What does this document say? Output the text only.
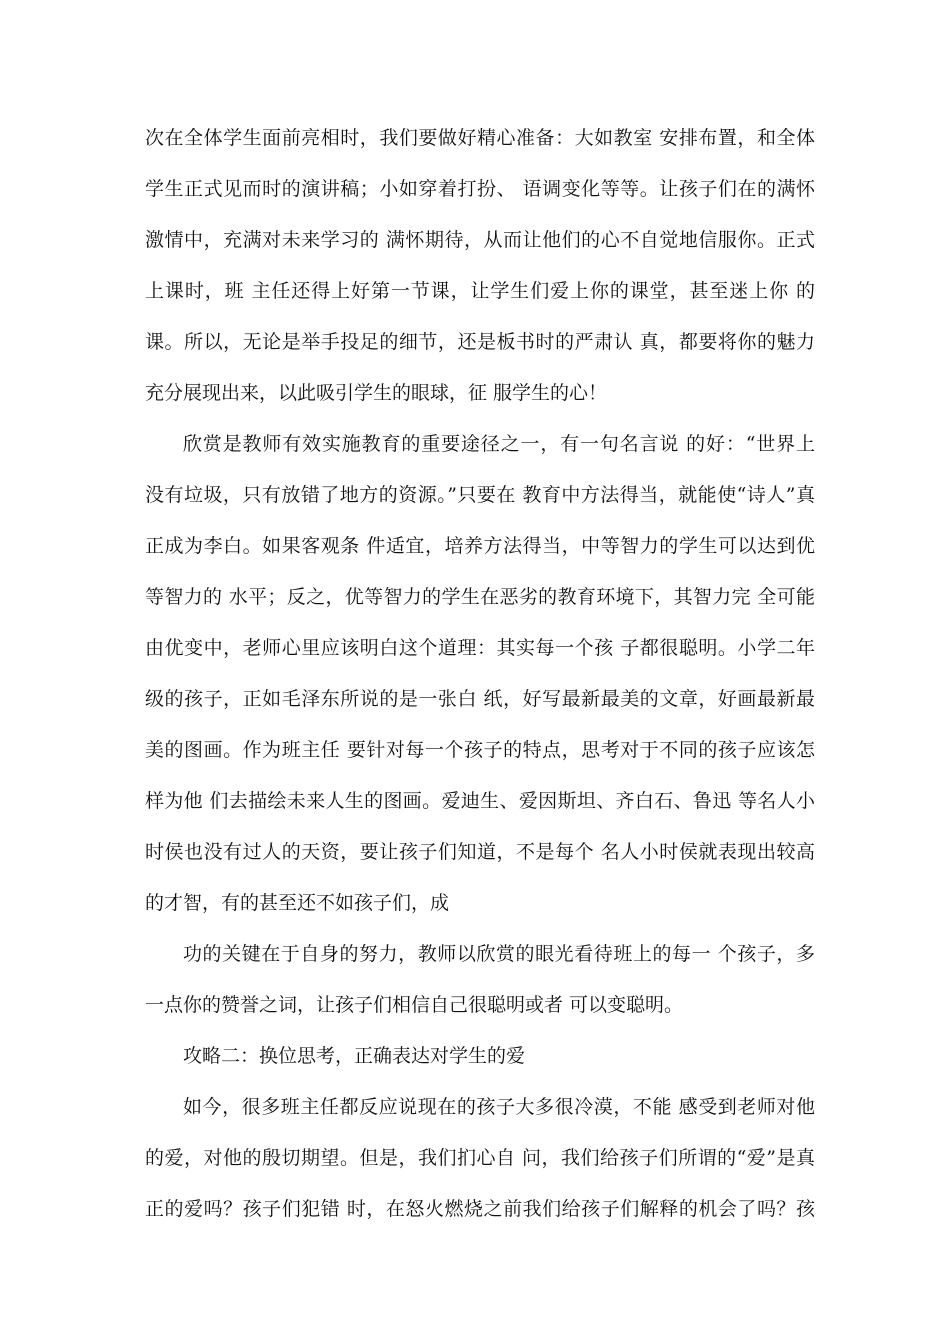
次在全体学生面前亮相时，我们要做好精心准备：大如教室 安排布置，和全体
学生正式见而时的演讲稿；小如穿着打扮、 语调变化等等。让孩子们在的满怀
激情中，充满对未来学习的 满怀期待，从而让他们的心不自觉地信服你。正式
上课时，班 主任还得上好第一节课，让学生们爱上你的课堂，甚至迷上你 的
课。所以，无论是举手投足的细节，还是板书时的严肃认 真，都要将你的魅力
充分展现出来，以此吸引学生的眼球，征 服学生的心！
欣赏是教师有效实施教育的重要途径之一，有一句名言说 的好：“世界上
没有垃圾，只有放错了地方的资源。”只要在 教育中方法得当，就能使“诗人”真
正成为李白。如果客观条 件适宜，培养方法得当，中等智力的学生可以达到优
等智力的 水平；反之，优等智力的学生在恶劣的教育环境下，其智力完 全可能
由优变中，老师心里应该明白这个道理：其实每一个孩 子都很聪明。小学二年
级的孩子，正如毛泽东所说的是一张白 纸，好写最新最美的文章，好画最新最
美的图画。作为班主任 要针对每一个孩子的特点，思考对于不同的孩子应该怎
样为他 们去描绘未来人生的图画。爱迪生、爱因斯坦、齐白石、鲁迅 等名人小
时侯也没有过人的天资，要让孩子们知道，不是每个 名人小时侯就表现出较高
的才智，有的甚至还不如孩子们，成
功的关键在于自身的努力，教师以欣赏的眼光看待班上的每一 个孩子，多
一点你的赞誉之词，让孩子们相信自己很聪明或者 可以变聪明。
攻略二：换位思考，正确表达对学生的爱
如今，很多班主任都反应说现在的孩子大多很冷漠，不能 感受到老师对他
的爱，对他的殷切期望。但是，我们扪心自 问，我们给孩子们所谓的“爱”是真
正的爱吗？孩子们犯错 时，在怒火燃烧之前我们给孩子们解释的机会了吗？孩
